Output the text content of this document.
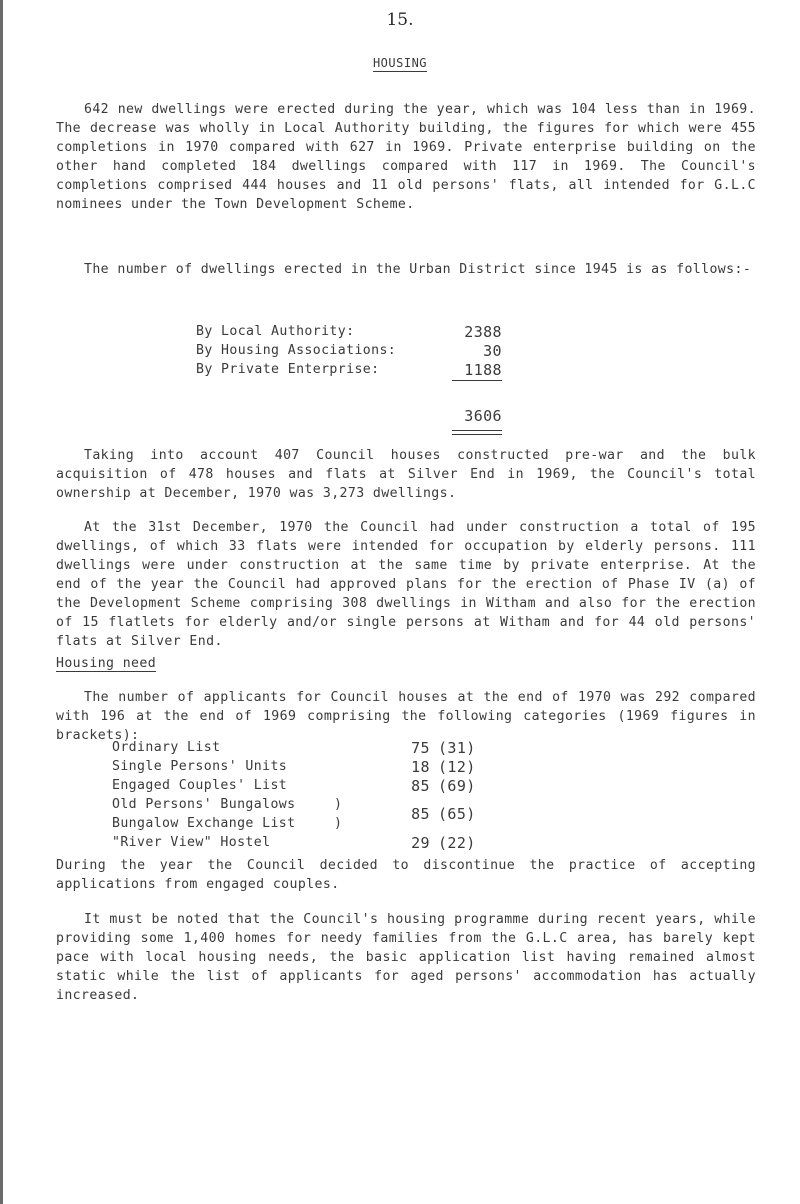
15.
HOUSING

642 new dwellings were erected during the year, which was 104 less than in 1969. The decrease was wholly in Local Authority building, the figures for which were 455 completions in 1970 compared with 627 in 1969. Private enterprise building on the other hand completed 184 dwellings compared with 117 in 1969. The Council's completions comprised 444 houses and 11 old persons' flats, all intended for G.L.C nominees under the Town Development Scheme.

The number of dwellings erected in the Urban District since 1945 is as follows:-

By Local Authority:	2388
By Housing Associations:	30
By Private Enterprise:	1188
3606

Taking into account 407 Council houses constructed pre-war and the bulk acquisition of 478 houses and flats at Silver End in 1969, the Council's total ownership at December, 1970 was 3,273 dwellings.

At the 31st December, 1970 the Council had under construction a total of 195 dwellings, of which 33 flats were intended for occupation by elderly persons. 111 dwellings were under construction at the same time by private enterprise. At the end of the year the Council had approved plans for the erection of Phase IV (a) of the Development Scheme comprising 308 dwellings in Witham and also for the erection of 15 flatlets for elderly and/or single persons at Witham and for 44 old persons' flats at Silver End.

Housing need

The number of applicants for Council houses at the end of 1970 was 292 compared with 196 at the end of 1969 comprising the following categories (1969 figures in brackets):

Ordinary List		75	(31)
Single Persons' Units		18	(12)
Engaged Couples' List		85	(69)
Old Persons' Bungalows	)	85	(65)
Bungalow Exchange List	)		
"River View" Hostel		29	(22)

During the year the Council decided to discontinue the practice of accepting applications from engaged couples.

It must be noted that the Council's housing programme during recent years, while providing some 1,400 homes for needy families from the G.L.C area, has barely kept pace with local housing needs, the basic application list having remained almost static while the list of applicants for aged persons' accommodation has actually increased.
